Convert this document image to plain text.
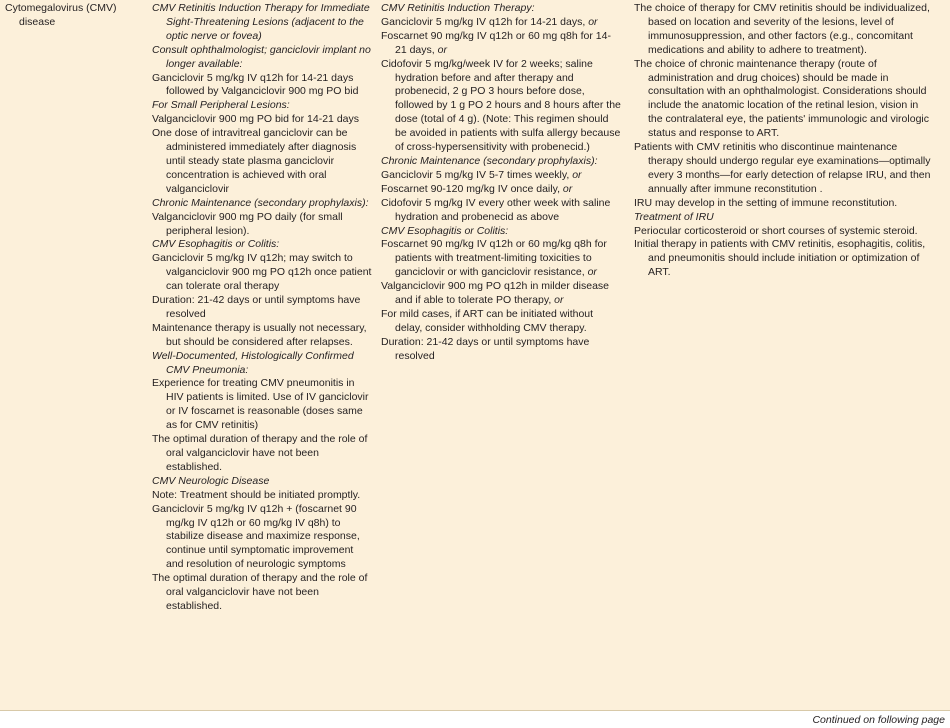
Cytomegalovirus (CMV) disease

CMV Retinitis Induction Therapy for Immediate Sight-Threatening Lesions (adjacent to the optic nerve or fovea)

Consult ophthalmologist; ganciclovir implant no longer available:

Ganciclovir 5 mg/kg IV q12h for 14-21 days followed by Valganciclovir 900 mg PO bid

For Small Peripheral Lesions:

Valganciclovir 900 mg PO bid for 14-21 days

One dose of intravitreal ganciclovir can be administered immediately after diagnosis until steady state plasma ganciclovir concentration is achieved with oral valganciclovir

Chronic Maintenance (secondary prophylaxis):

Valganciclovir 900 mg PO daily (for small peripheral lesion).

CMV Esophagitis or Colitis:

Ganciclovir 5 mg/kg IV q12h; may switch to valganciclovir 900 mg PO q12h once patient can tolerate oral therapy

Duration: 21-42 days or until symptoms have resolved

Maintenance therapy is usually not necessary, but should be considered after relapses.

Well-Documented, Histologically Confirmed CMV Pneumonia:

Experience for treating CMV pneumonitis in HIV patients is limited. Use of IV ganciclovir or IV foscarnet is reasonable (doses same as for CMV retinitis)

The optimal duration of therapy and the role of oral valganciclovir have not been established.

CMV Neurologic Disease

Note: Treatment should be initiated promptly.

Ganciclovir 5 mg/kg IV q12h + (foscarnet 90 mg/kg IV q12h or 60 mg/kg IV q8h) to stabilize disease and maximize response, continue until symptomatic improvement and resolution of neurologic symptoms

The optimal duration of therapy and the role of oral valganciclovir have not been established.

CMV Retinitis Induction Therapy:

Ganciclovir 5 mg/kg IV q12h for 14-21 days, or

Foscarnet 90 mg/kg IV q12h or 60 mg q8h for 14-21 days, or

Cidofovir 5 mg/kg/week IV for 2 weeks; saline hydration before and after therapy and probenecid, 2 g PO 3 hours before dose, followed by 1 g PO 2 hours and 8 hours after the dose (total of 4 g). (Note: This regimen should be avoided in patients with sulfa allergy because of cross-hypersensitivity with probenecid.)

Chronic Maintenance (secondary prophylaxis):

Ganciclovir 5 mg/kg IV 5-7 times weekly, or

Foscarnet 90-120 mg/kg IV once daily, or

Cidofovir 5 mg/kg IV every other week with saline hydration and probenecid as above

CMV Esophagitis or Colitis:

Foscarnet 90 mg/kg IV q12h or 60 mg/kg q8h for patients with treatment-limiting toxicities to ganciclovir or with ganciclovir resistance, or

Valganciclovir 900 mg PO q12h in milder disease and if able to tolerate PO therapy, or

For mild cases, if ART can be initiated without delay, consider withholding CMV therapy.

Duration: 21-42 days or until symptoms have resolved

The choice of therapy for CMV retinitis should be individualized, based on location and severity of the lesions, level of immunosuppression, and other factors (e.g., concomitant medications and ability to adhere to treatment).

The choice of chronic maintenance therapy (route of administration and drug choices) should be made in consultation with an ophthalmologist. Considerations should include the anatomic location of the retinal lesion, vision in the contralateral eye, the patients' immunologic and virologic status and response to ART.

Patients with CMV retinitis who discontinue maintenance therapy should undergo regular eye examinations—optimally every 3 months—for early detection of relapse IRU, and then annually after immune reconstitution .

IRU may develop in the setting of immune reconstitution.

Treatment of IRU

Periocular corticosteroid or short courses of systemic steroid.

Initial therapy in patients with CMV retinitis, esophagitis, colitis, and pneumonitis should include initiation or optimization of ART.

Continued on following page
